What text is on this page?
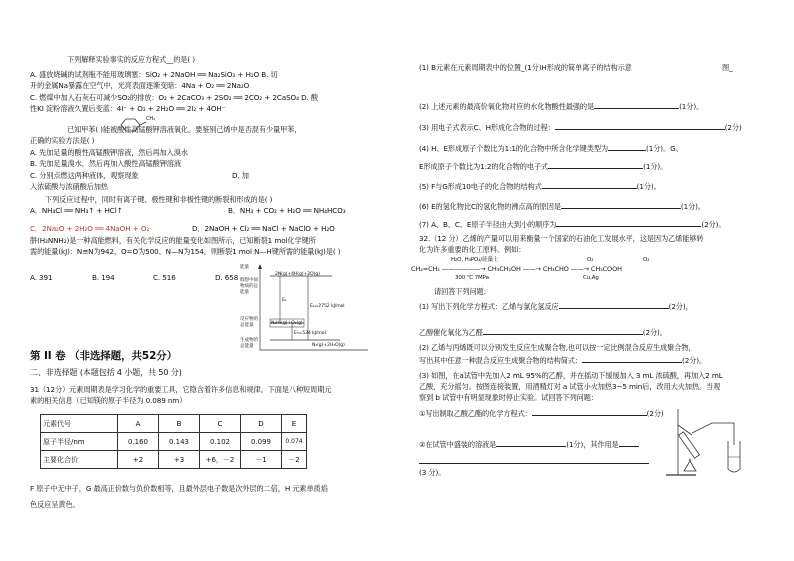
下列解释实验事实的反应方程式__的是( )
A. 盛放烧碱的试剂瓶不能用玻璃塞：SiO₂ + 2NaOH ══ Na₂SiO₃ + H₂O B. 切
开的金属Na暴露在空气中，光亮表面逐渐变暗：4Na + O₂ ══ 2Na₂O
C. 燃煤中加入石灰石可减少SO₂的排放：O₂ + 2CaCO₃ + 2SO₂ ══ 2CO₂ + 2CaSO₄ D. 酸
性KI 淀粉溶液久置后变蓝：4I⁻ + O₂ + 2H₂O ══ 2I₂ + 4OH⁻
已知甲苯( )能被酸性高锰酸钾溶液氧化。要鉴别己烯中是否混有少量甲苯，
CH₃
正确的实验方法是( )
A. 先加足量的酸性高锰酸钾溶液，然后再加入溴水
B. 先加足量溴水，然后再加入酸性高锰酸钾溶液
C. 分别点燃这两种液体，观察现象	D. 加
入浓硫酸与浓硝酸后加热
下列反应过程中，同时有离子键、极性键和非极性键的断裂和形成的是( )
A．NH₄Cl ══ NH₃↑ + HCl↑	B．NH₃ + CO₂ + H₂O ══ NH₄HCO₃
C．2Na₂O + 2H₂O ══ 4NaOH + O₂	D．2NaOH + Cl₂ ══ NaCl + NaClO + H₂O
肼(H₂NNH₂)是一种高能燃料，有关化学反应的能量变化如图所示，已知断裂1 mol化学键所
需的能量(kJ)：N≡N为942、O=O为500、N—N为154，则断裂1 mol N—H键所需的能量(kJ)是( )
A. 391	B. 194	C. 516	D. 658
能量
2N(g)+4H(g)+2O(g)
假想中间
物质的总
能量
反应物的
总能量
生成物的
总能量
E₁
E₂=2752 kJ/mol
E₃=534 kJ/mol
N₂H₄(g)+O₂(g)
N₂(g)+2H₂O(g)
第 II 卷 （非选择题，共52分）
二、非选择题 (本题包括 4 小题，共 50 分)
31（12分）元素周期表是学习化学的重要工具，它隐含着许多信息和规律。下面是八种短周期元
素的相关信息（已知镁的原子半径为 0.089 nm）
元素代号	A	B	C	D	E
原子半径/nm	0.160	0.143	0.102	0.099	0.074
主要化合价	+2	+3	+6，－2	－1	－2
F 原子中无中子，G 最高正价数与负价数相等，且最外层电子数是次外层的二倍，H 元素单质焰
色反应呈黄色。
(1) B元素在元素周期表中的位置_(1分)H形成的简单离子的结构示意	图_
(2) 上述元素的最高价氧化物对应的水化物酸性最强的是	(1分)。
(3) 用电子式表示C、H形成化合物的过程：	(2分)
(4) H、E形成原子个数比为1:1的化合物中所含化学键类型为	(1分)。G、
E形成原子个数比为1:2的化合物的电子式	(1分)。
(5) F与G形成10电子的化合物的结构式	(1分)。
(6) E的氢化物比C的氢化物的沸点高的原因是	(1分)。
(7) A、B、C、E原子半径由大到小的顺序为	(2分)。
32.（12 分）乙烯的产量可以用来衡量一个国家的石油化工发展水平，这是因为乙烯能够转
化为许多重要的化工原料。例如：
H₂O, H₃PO₄/硅藻土	O₂	O₂
CH₂=CH₂ ——————→ CH₃CH₂OH ——→ CH₃CHO ——→ CH₃COOH
300 ℃ 7MPa	Cu,Ag
请回答下列问题:
(1) 写出下列化学方程式：乙烯与氯化氢反应	(2分)，
乙醇催化氧化为乙醛	(2分)。
(2) 乙烯与丙烯既可以分别发生反应生成聚合物,也可以按一定比例混合反应生成聚合物，
写出其中任意一种混合反应生成聚合物的结构简式：	(2分)。
(3) 如图，在a试管中先加入2 mL 95%的乙醇，并在摇动下缓缓加入 3 mL 浓硫酸，再加入2 mL
乙酸，充分摇匀。按图连接装置，用酒精灯对 a 试管小火加热3~5 min后，改用大火加热。当观
察到 b 试管中有明显现象时停止实验。试回答下列问题：
①写出制取乙酸乙酯的化学方程式：	(2分)
②在试管中盛装的溶液是	(1分)，其作用是
(3 分)。
